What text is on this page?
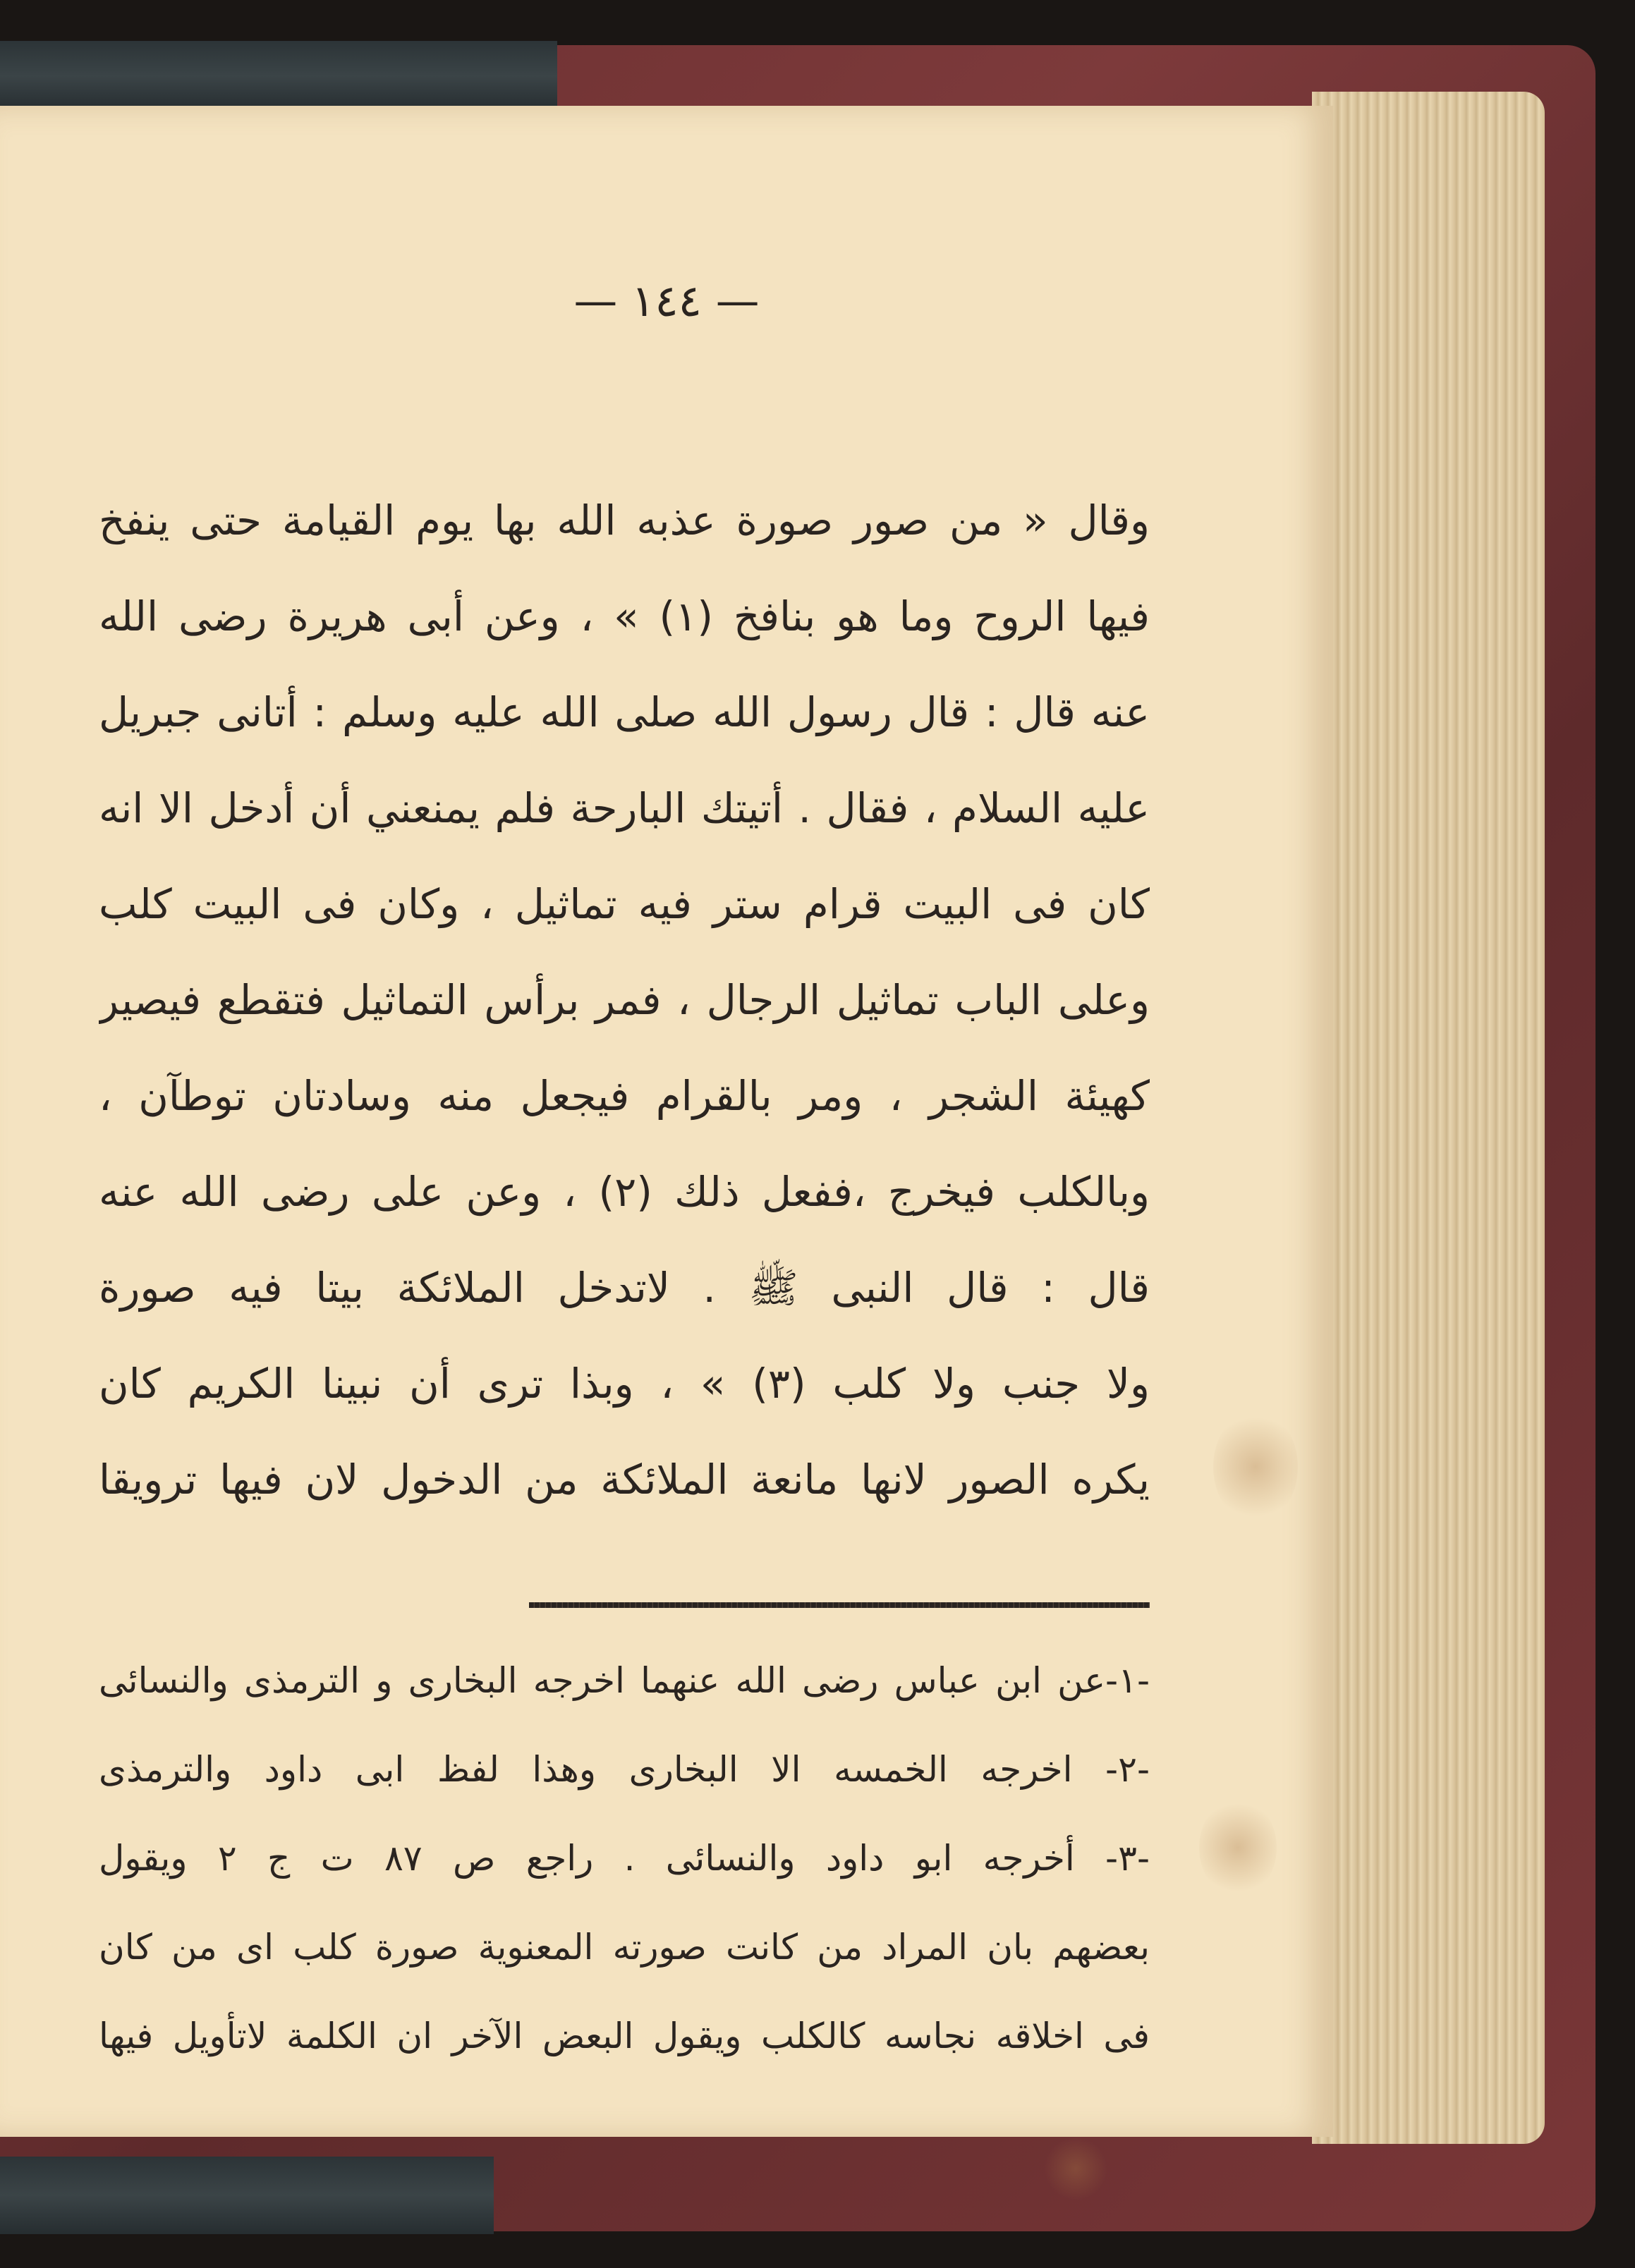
— ١٤٤ —
وقال « من صور صورة عذبه الله بها يوم القيامة حتى ينفخ
فيها الروح وما هو بنافخ (١) » ، وعن أبى هريرة رضى الله
عنه قال : قال رسول الله صلى الله عليه وسلم : أتانى جبريل
عليه السلام ، فقال . أتيتك البارحة فلم يمنعني أن أدخل الا انه
كان فى البيت قرام ستر فيه تماثيل ، وكان فى البيت كلب
وعلى الباب تماثيل الرجال ، فمر برأس التماثيل فتقطع فيصير
كهيئة الشجر ، ومر بالقرام فيجعل منه وسادتان توطآن ،
وبالكلب فيخرج ،ففعل ذلك (٢) ، وعن على رضى الله عنه
قال : قال النبى ﷺ . لاتدخل الملائكة بيتا فيه صورة
ولا جنب ولا كلب (٣) » ، وبذا ترى أن نبينا الكريم كان
يكره الصور لانها مانعة الملائكة من الدخول لان فيها ترويقا
-١-عن ابن عباس رضى الله عنهما اخرجه البخارى و الترمذى والنسائى
-٢- اخرجه الخمسه الا البخارى وهذا لفظ ابى داود والترمذى
-٣- أخرجه ابو داود والنسائى . راجع ص ٨٧ ت ج ٢ ويقول
بعضهم بان المراد من كانت صورته المعنوية صورة كلب اى من كان
فى اخلاقه نجاسه كالكلب ويقول البعض الآخر ان الكلمة لاتأويل فيها
